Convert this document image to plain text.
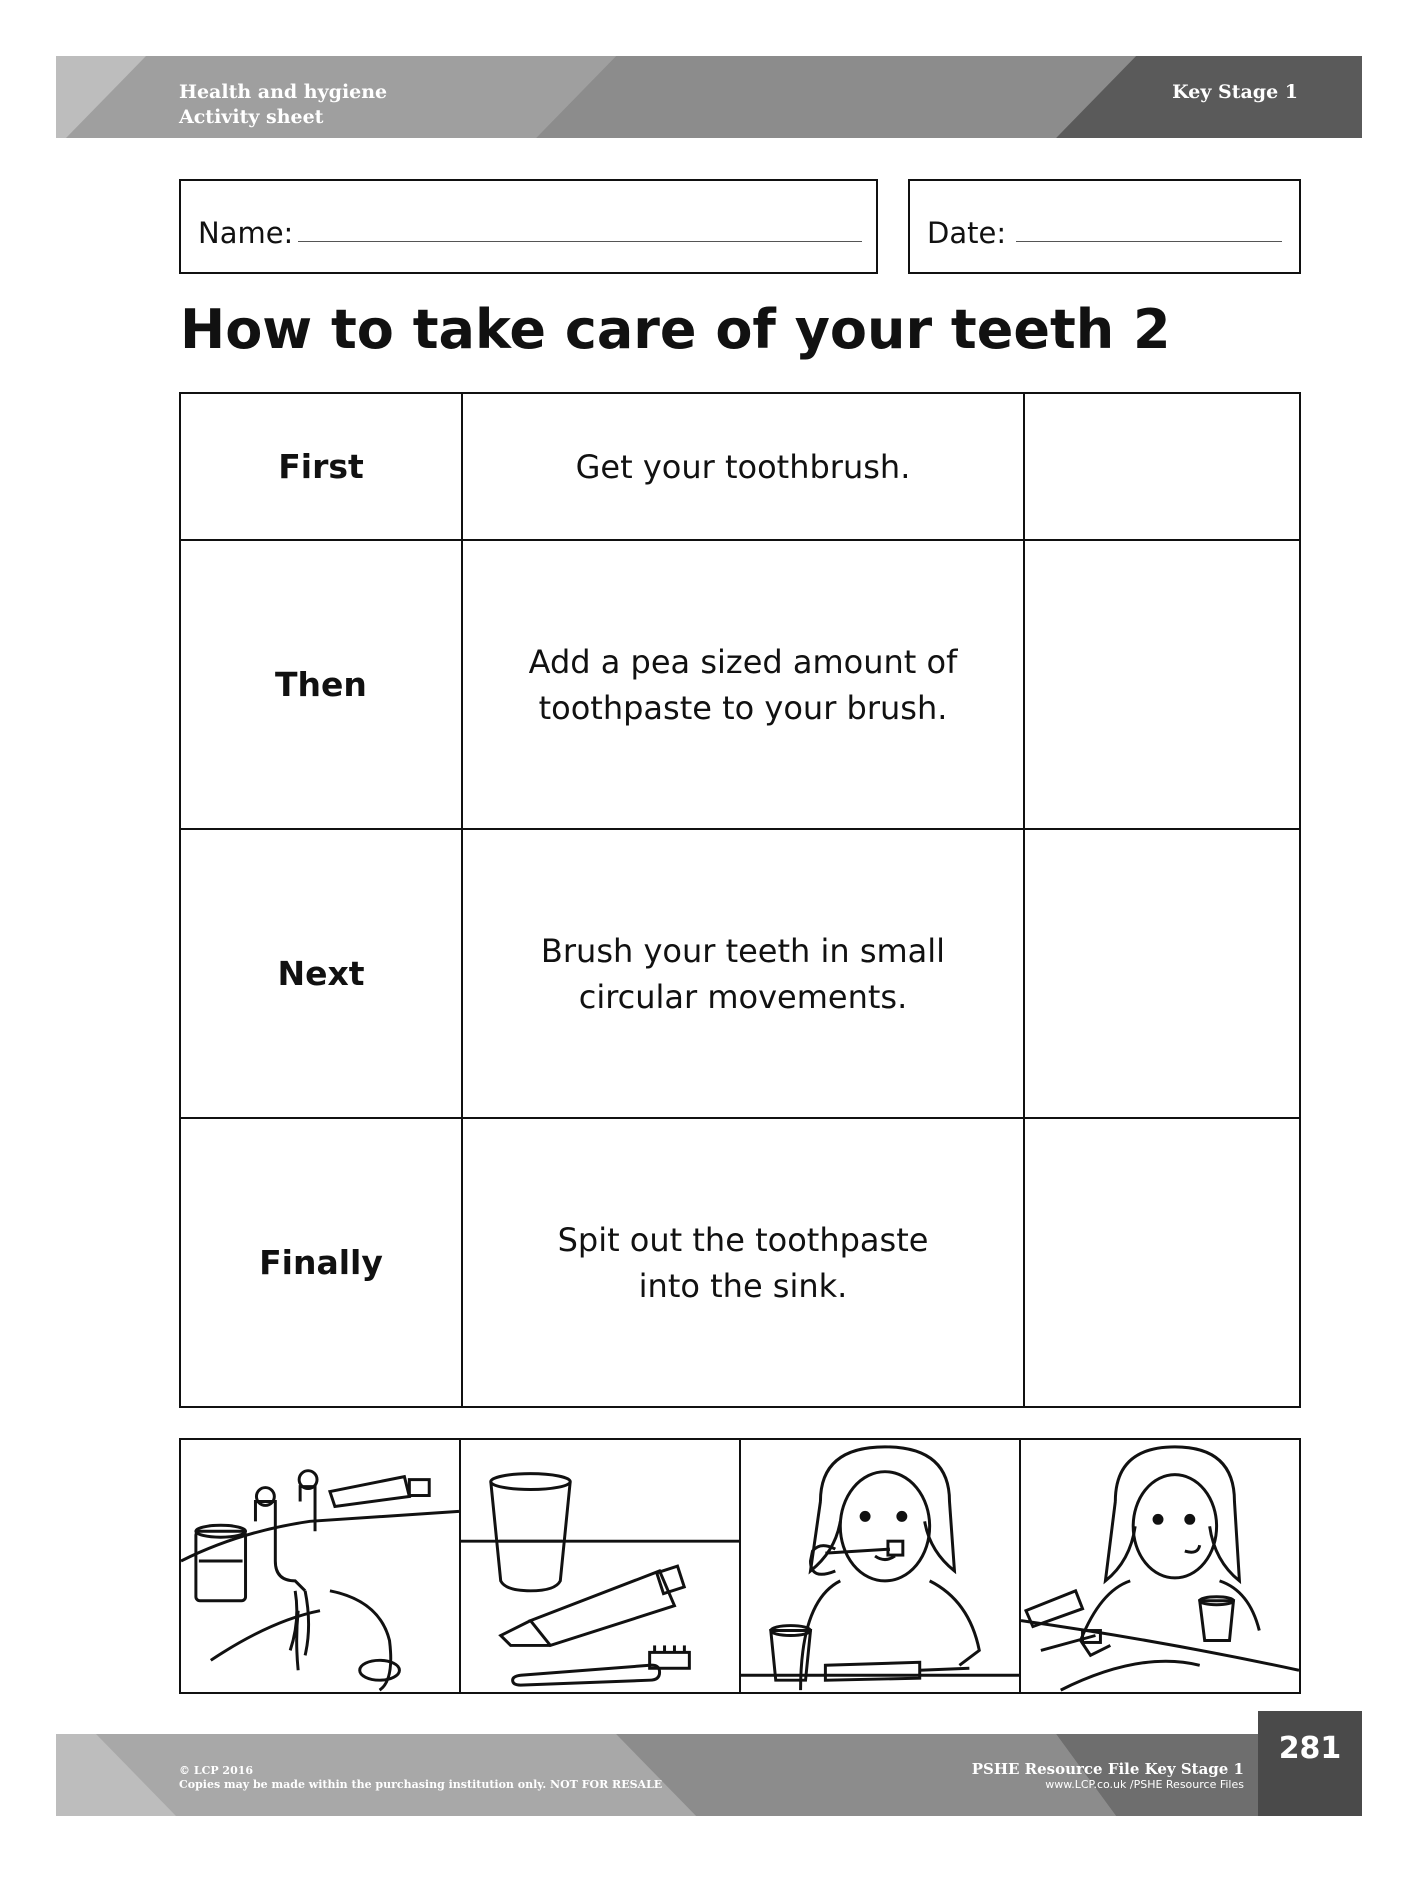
Health and hygiene
Activity sheet
Key Stage 1
Name:	Date:
How to take care of your teeth 2
First	Get your toothbrush.	
Then	Add a pea sized amount of toothpaste to your brush.	
Next	Brush your teeth in small circular movements.	
Finally	Spit out the toothpaste into the sink.	

© LCP 2016
Copies may be made within the purchasing institution only. NOT FOR RESALE
PSHE Resource File Key Stage 1
www.LCP.co.uk /PSHE Resource Files
281
